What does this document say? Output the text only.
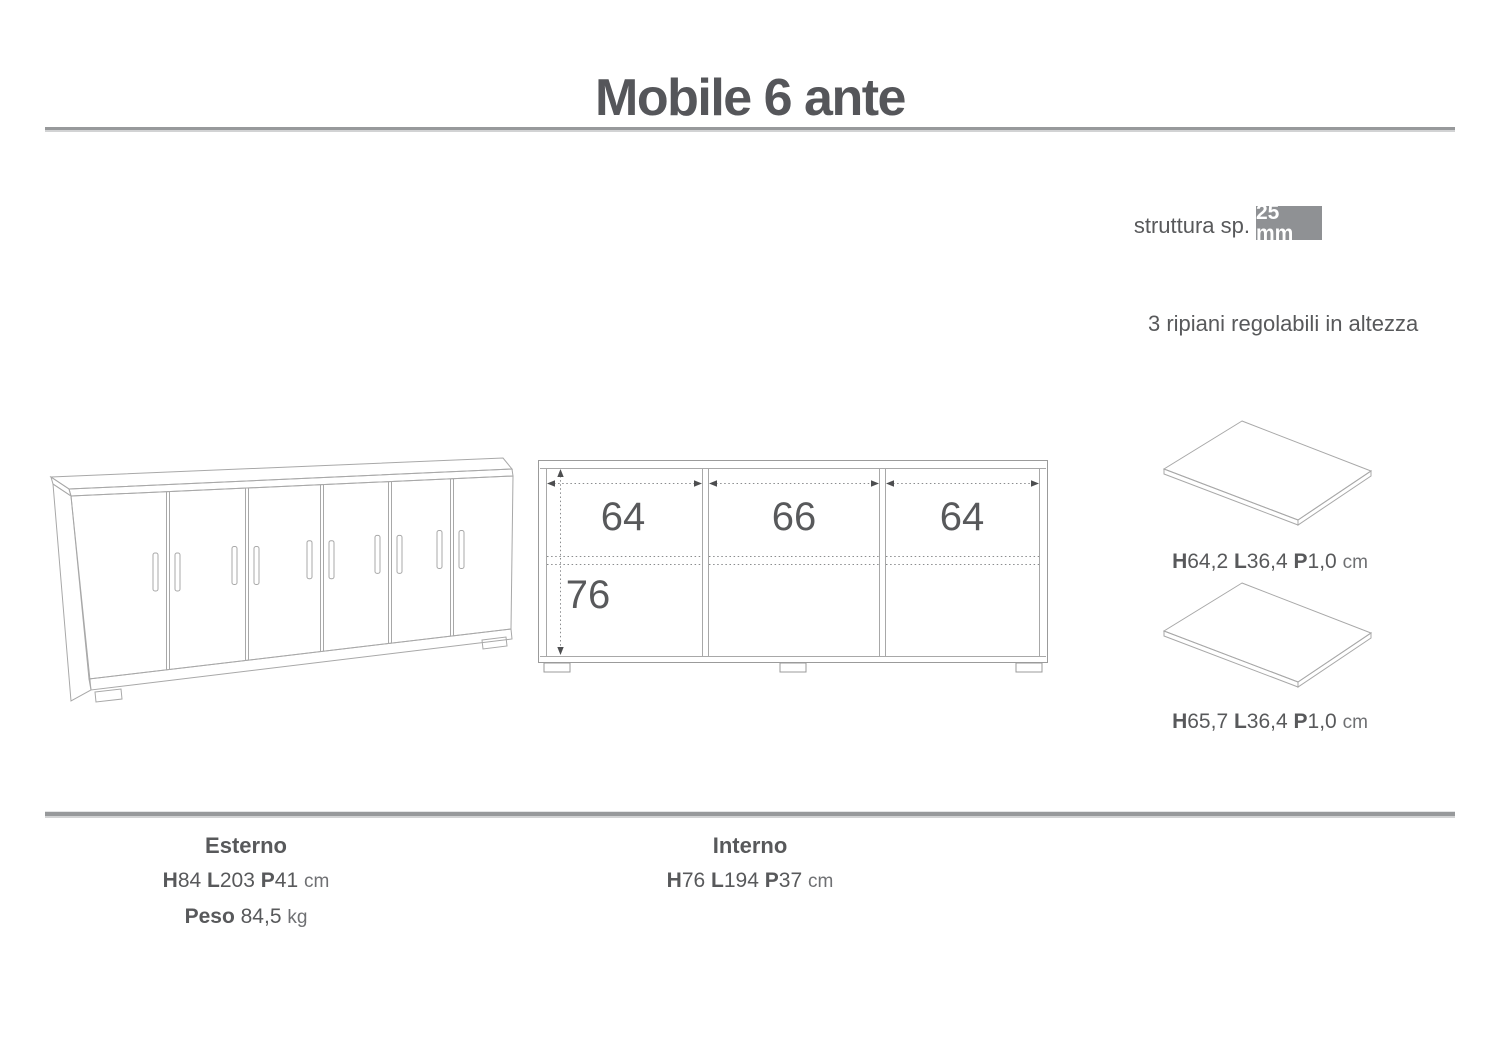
Mobile 6 ante
struttura sp.
25 mm
3 ripiani regolabili in altezza
64	66	64
76
H64,2 L36,4 P1,0 cm
H65,7 L36,4 P1,0 cm
Esterno
H84 L203 P41 cm
Peso 84,5 kg
Interno
H76 L194 P37 cm
